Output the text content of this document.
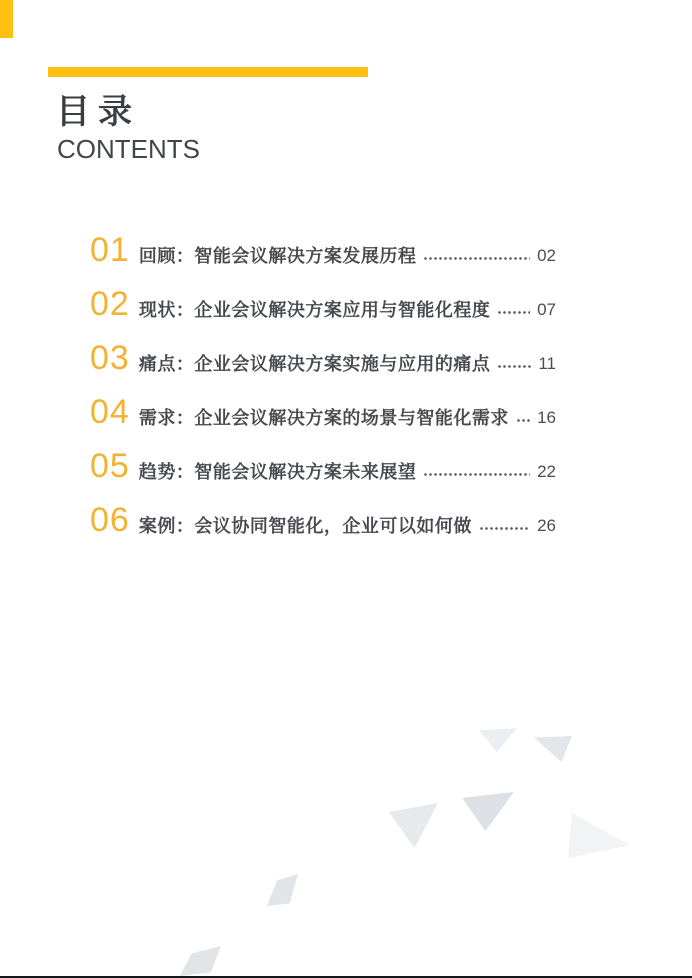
目录
CONTENTS
01 回顾：智能会议解决方案发展历程	02
02 现状：企业会议解决方案应用与智能化程度	07
03 痛点：企业会议解决方案实施与应用的痛点	11
04 需求：企业会议解决方案的场景与智能化需求 16
05 趋势：智能会议解决方案未来展望	22
06 案例：会议协同智能化，企业可以如何做	26
